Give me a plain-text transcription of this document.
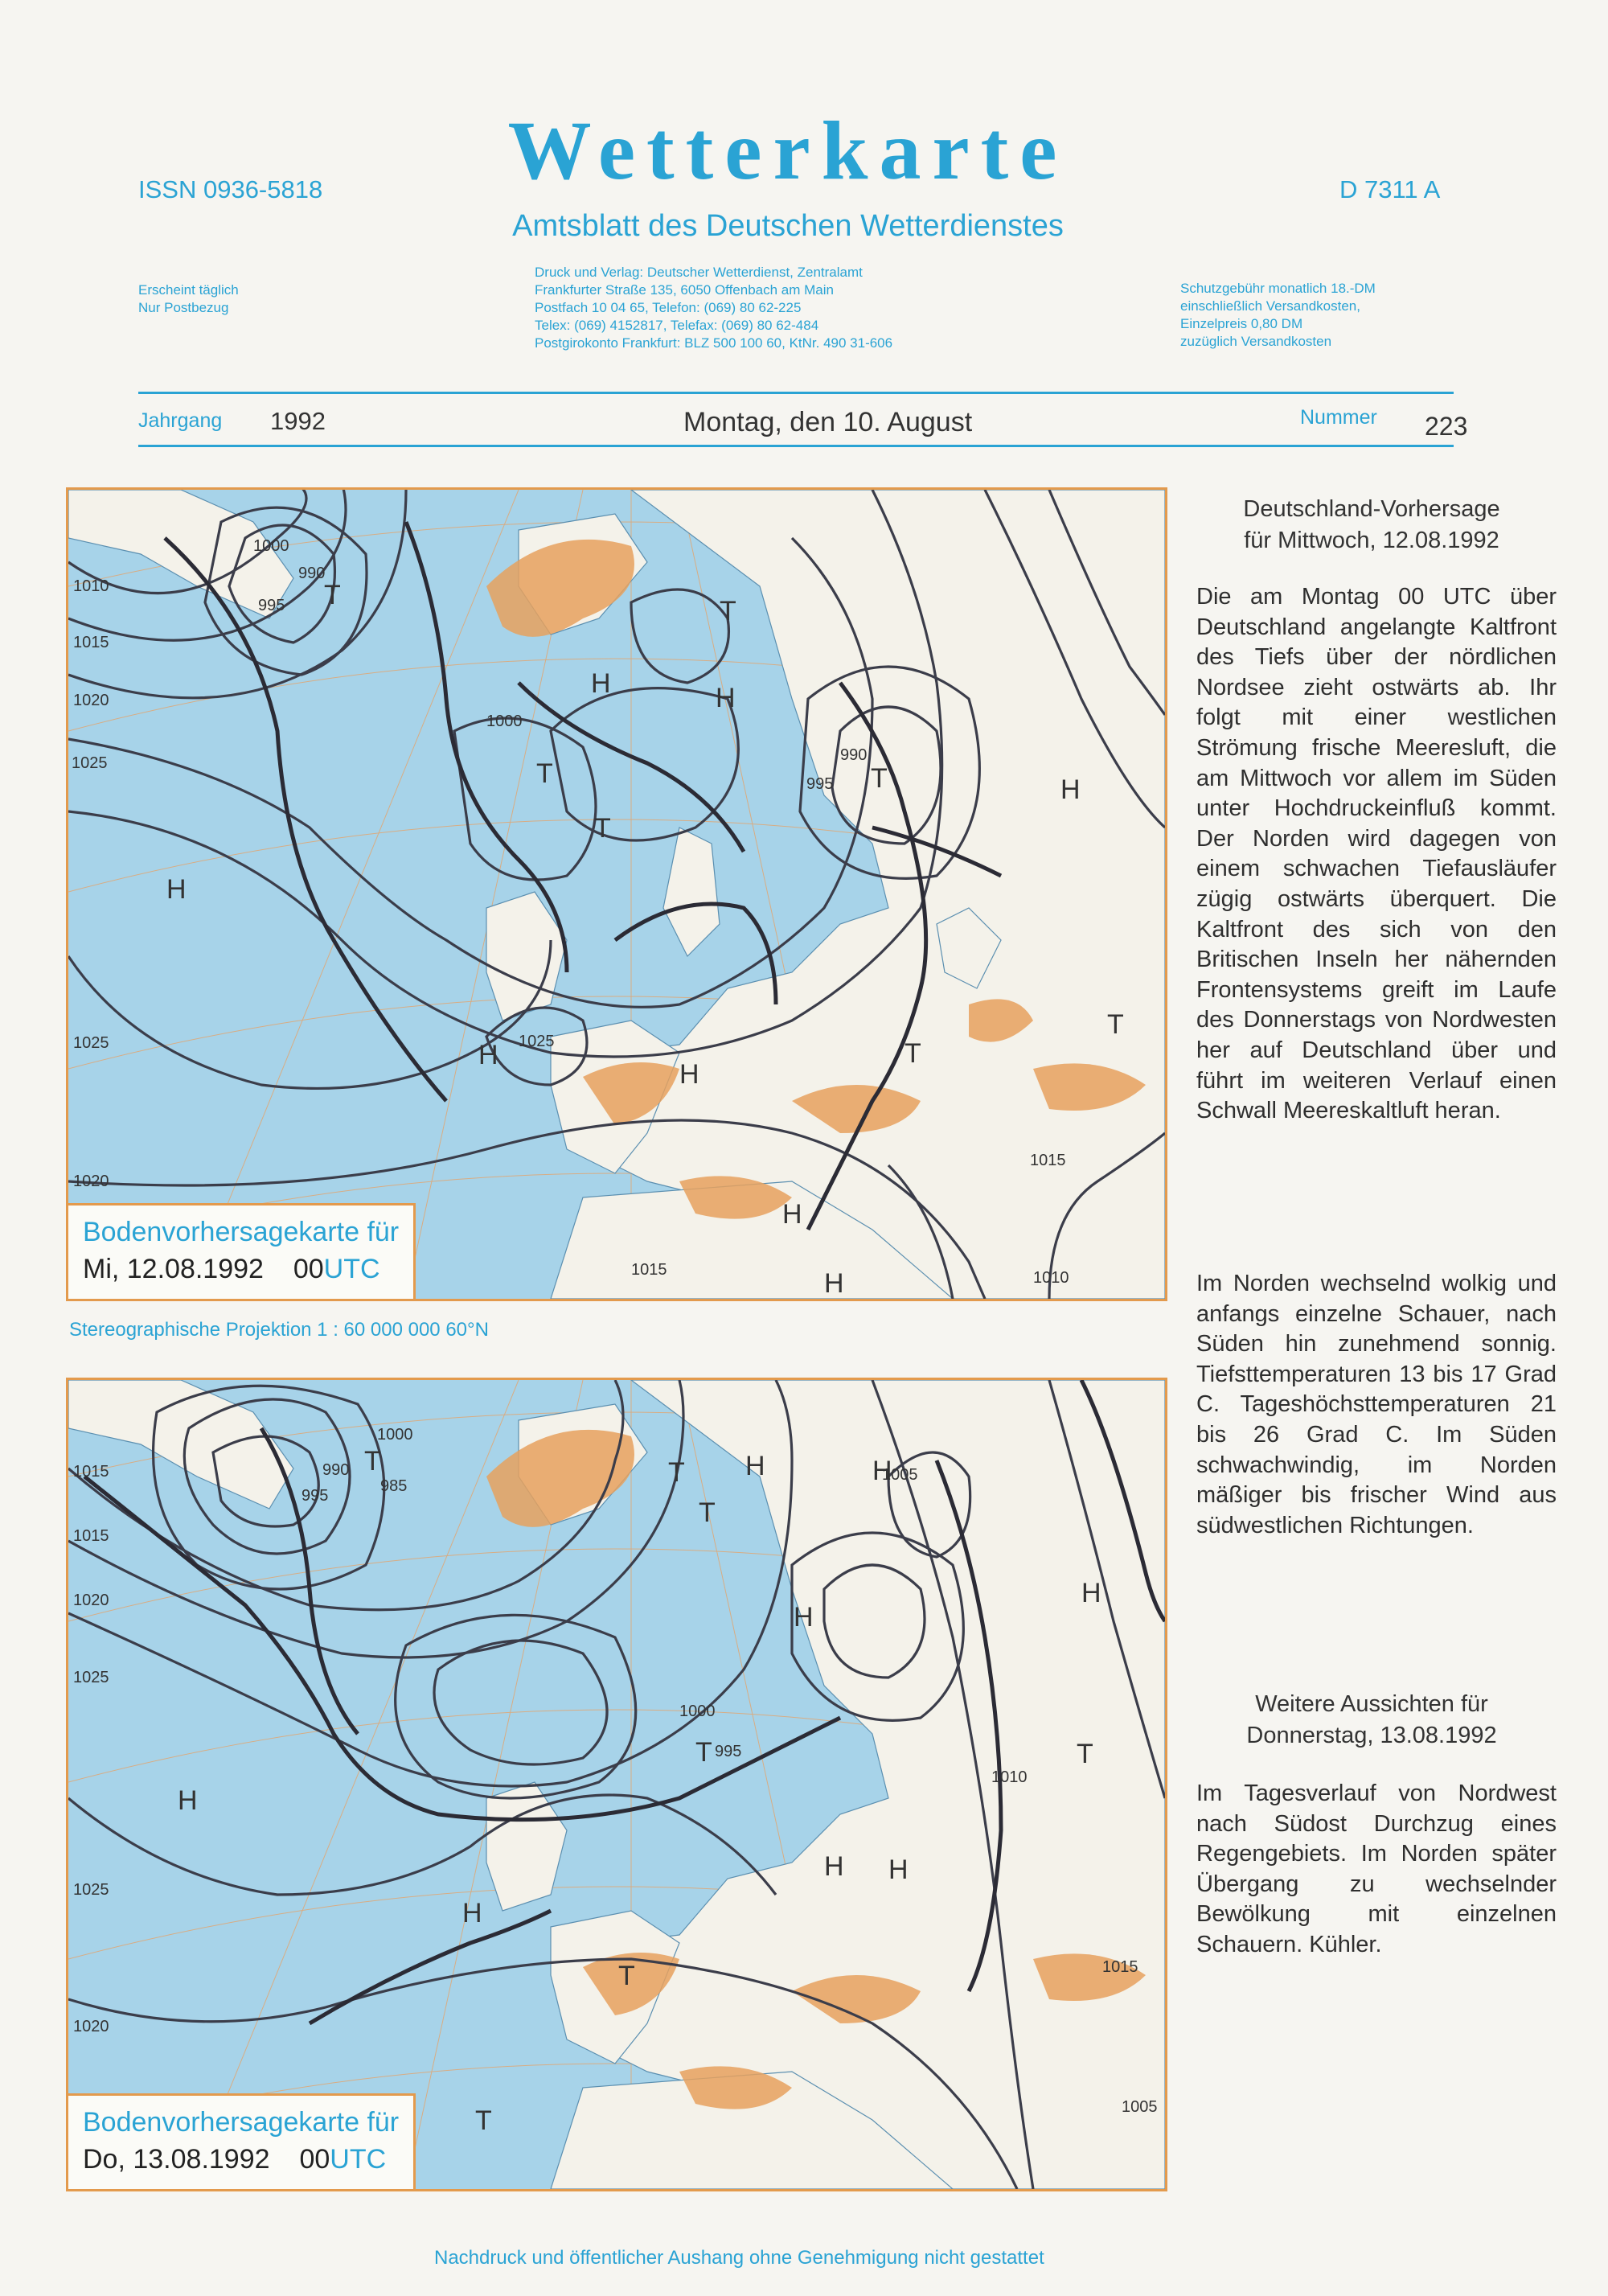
ISSN 0936-5818	D 7311 A
Wetterkarte
Amtsblatt des Deutschen Wetterdienstes
Erscheint täglich
Nur Postbezug
Druck und Verlag: Deutscher Wetterdienst, Zentralamt
Frankfurter Straße 135, 6050 Offenbach am Main
Postfach 10 04 65, Telefon: (069) 80 62-225
Telex: (069) 4152817, Telefax: (069) 80 62-484
Postgirokonto Frankfurt: BLZ 500 100 60, KtNr. 490 31-606
Schutzgebühr monatlich 18.-DM
einschließlich Versandkosten,
Einzelpreis 0,80 DM
zuzüglich Versandkosten
Jahrgang 1992	Montag, den 10. August	Nummer 223
H	H
H
H
H
H
H
H
T
T
T
T
T
T
T
1000
990
995
1010
1015
1020
1025
1025	1025
1020
1000
995
990
1015
1015
1010
Bodenvorhersagekarte für
Mi, 12.08.1992 00UTC
Stereographische Projektion 1 : 60 000 000 60°N
H	H
H
H
H
H H
H
T	T
T
T	T
T
T
1000
990
995
985
1015
1015
1020
1025
1025
1020
1000
995
1005
1010
1015
1005
Bodenvorhersagekarte für
Do, 13.08.1992 00UTC
Deutschland-Vorhersage
für Mittwoch, 12.08.1992
Die am Montag 00 UTC über Deutschland angelangte Kaltfront des Tiefs über der nördlichen Nordsee zieht ostwärts ab. Ihr folgt mit einer westlichen Strömung frische Meeresluft, die am Mittwoch vor allem im Süden unter Hochdruckeinfluß kommt. Der Norden wird dagegen von einem schwachen Tiefausläufer zügig ostwärts überquert. Die Kaltfront des sich von den Britischen Inseln her nähernden Frontensystems greift im Laufe des Donnerstags von Nordwesten her auf Deutschland über und führt im weiteren Verlauf einen Schwall Meereskaltluft heran.
Im Norden wechselnd wolkig und anfangs einzelne Schauer, nach Süden hin zunehmend sonnig. Tiefsttemperaturen 13 bis 17 Grad C. Tageshöchsttemperaturen 21 bis 26 Grad C. Im Süden schwachwindig, im Norden mäßiger bis frischer Wind aus südwestlichen Richtungen.
Weitere Aussichten für
Donnerstag, 13.08.1992
Im Tagesverlauf von Nordwest nach Südost Durchzug eines Regengebiets. Im Norden später Übergang zu wechselnder Bewölkung mit einzelnen Schauern. Kühler.
Nachdruck und öffentlicher Aushang ohne Genehmigung nicht gestattet
